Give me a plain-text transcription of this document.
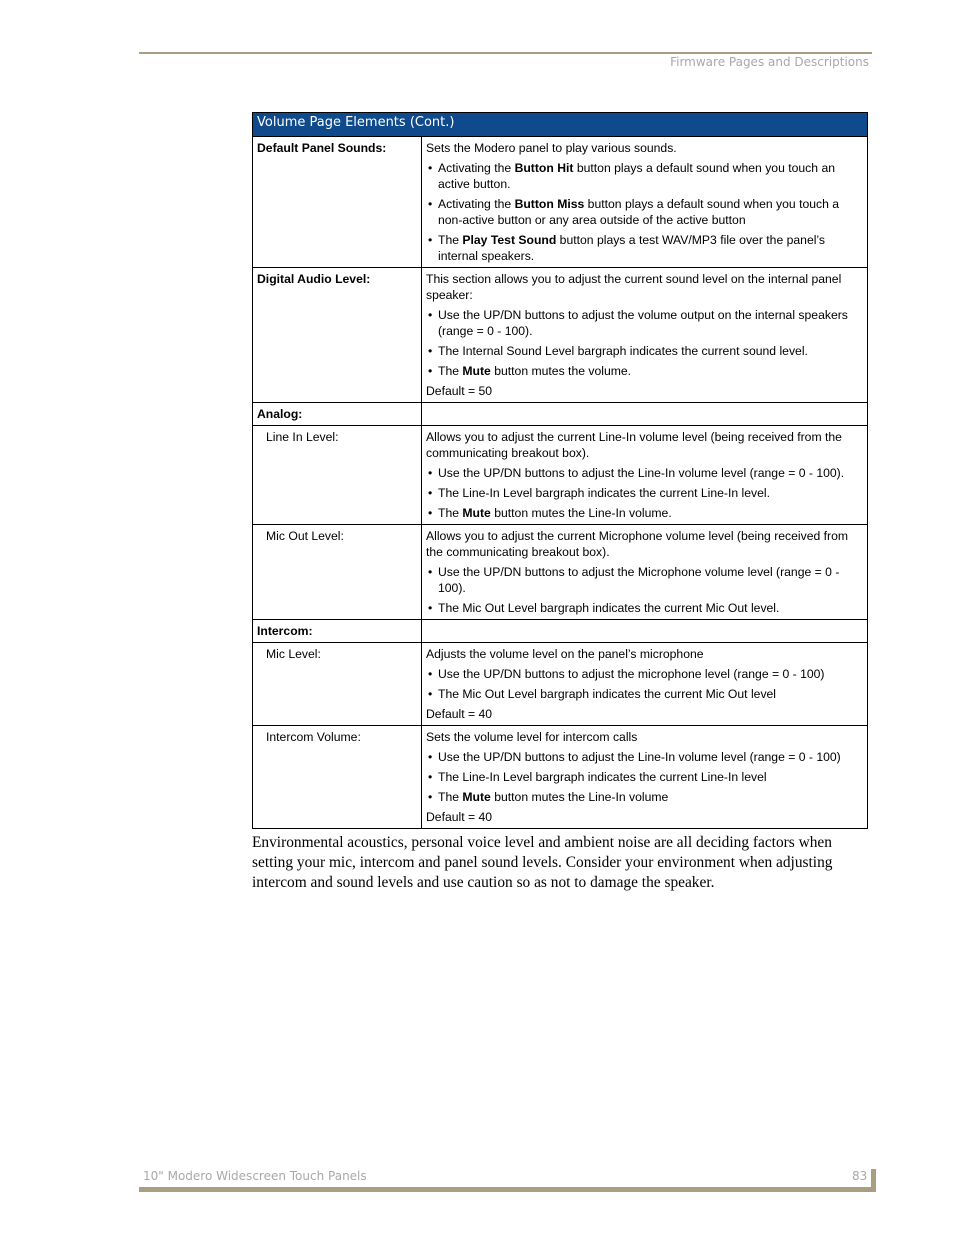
Firmware Pages and Descriptions
Volume Page Elements (Cont.)	
Default Panel Sounds:	Sets the Modero panel to play various sounds.
• Activating the Button Hit button plays a default sound when you touch an active button.
• Activating the Button Miss button plays a default sound when you touch a non-active button or any area outside of the active button
• The Play Test Sound button plays a test WAV/MP3 file over the panel’s internal speakers.

Digital Audio Level:	This section allows you to adjust the current sound level on the internal panel speaker:
• Use the UP/DN buttons to adjust the volume output on the internal speakers (range = 0 - 100).
• The Internal Sound Level bargraph indicates the current sound level.
• The Mute button mutes the volume.
Default = 50

Analog:	
Line In Level:	Allows you to adjust the current Line-In volume level (being received from the communicating breakout box).
• Use the UP/DN buttons to adjust the Line-In volume level (range = 0 - 100).
• The Line-In Level bargraph indicates the current Line-In level.
• The Mute button mutes the Line-In volume.

Mic Out Level:	Allows you to adjust the current Microphone volume level (being received from the communicating breakout box).
• Use the UP/DN buttons to adjust the Microphone volume level (range = 0 - 100).
• The Mic Out Level bargraph indicates the current Mic Out level.

Intercom:	
Mic Level:	Adjusts the volume level on the panel’s microphone
• Use the UP/DN buttons to adjust the microphone level (range = 0 - 100)
• The Mic Out Level bargraph indicates the current Mic Out level
Default = 40

Intercom Volume:	Sets the volume level for intercom calls
• Use the UP/DN buttons to adjust the Line-In volume level (range = 0 - 100)
• The Line-In Level bargraph indicates the current Line-In level
• The Mute button mutes the Line-In volume
Default = 40
Environmental acoustics, personal voice level and ambient noise are all deciding factors when setting your mic, intercom and panel sound levels. Consider your environment when adjusting intercom and sound levels and use caution so as not to damage the speaker.
10" Modero Widescreen Touch Panels	83
